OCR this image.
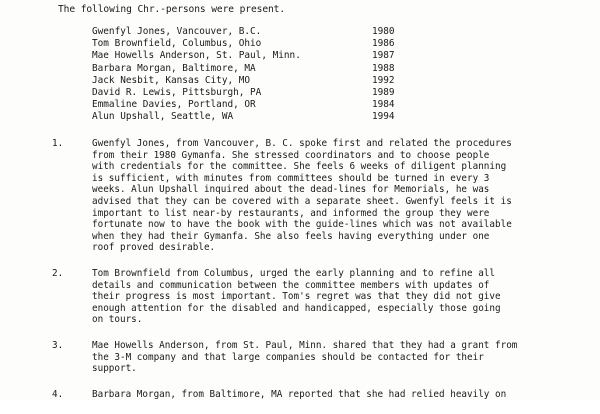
The following Chr.-persons were present.
Gwenfyl Jones, Vancouver, B.C.	1980
Tom Brownfield, Columbus, Ohio	1986
Mae Howells Anderson, St. Paul, Minn.	1987
Barbara Morgan, Baltimore, MA	1988
Jack Nesbit, Kansas City, MO	1992
David R. Lewis, Pittsburgh, PA	1989
Emmaline Davies, Portland, OR	1984
Alun Upshall, Seattle, WA	1994
1.	Gwenfyl Jones, from Vancouver, B. C. spoke first and related the procedures
from their 1980 Gymanfa. She stressed coordinators and to choose people
with credentials for the committee. She feels 6 weeks of diligent planning
is sufficient, with minutes from committees should be turned in every 3
weeks. Alun Upshall inquired about the dead-lines for Memorials, he was
advised that they can be covered with a separate sheet. Gwenfyl feels it is
important to list near-by restaurants, and informed the group they were
fortunate now to have the book with the guide-lines which was not available
when they had their Gymanfa. She also feels having everything under one
roof proved desirable.
2.	Tom Brownfield from Columbus, urged the early planning and to refine all
details and communication between the committee members with updates of
their progress is most important. Tom's regret was that they did not give
enough attention for the disabled and handicapped, especially those going
on tours.
3.	Mae Howells Anderson, from St. Paul, Minn. shared that they had a grant from
the 3-M company and that large companies should be contacted for their
support.
4.	Barbara Morgan, from Baltimore, MA reported that she had relied heavily on
